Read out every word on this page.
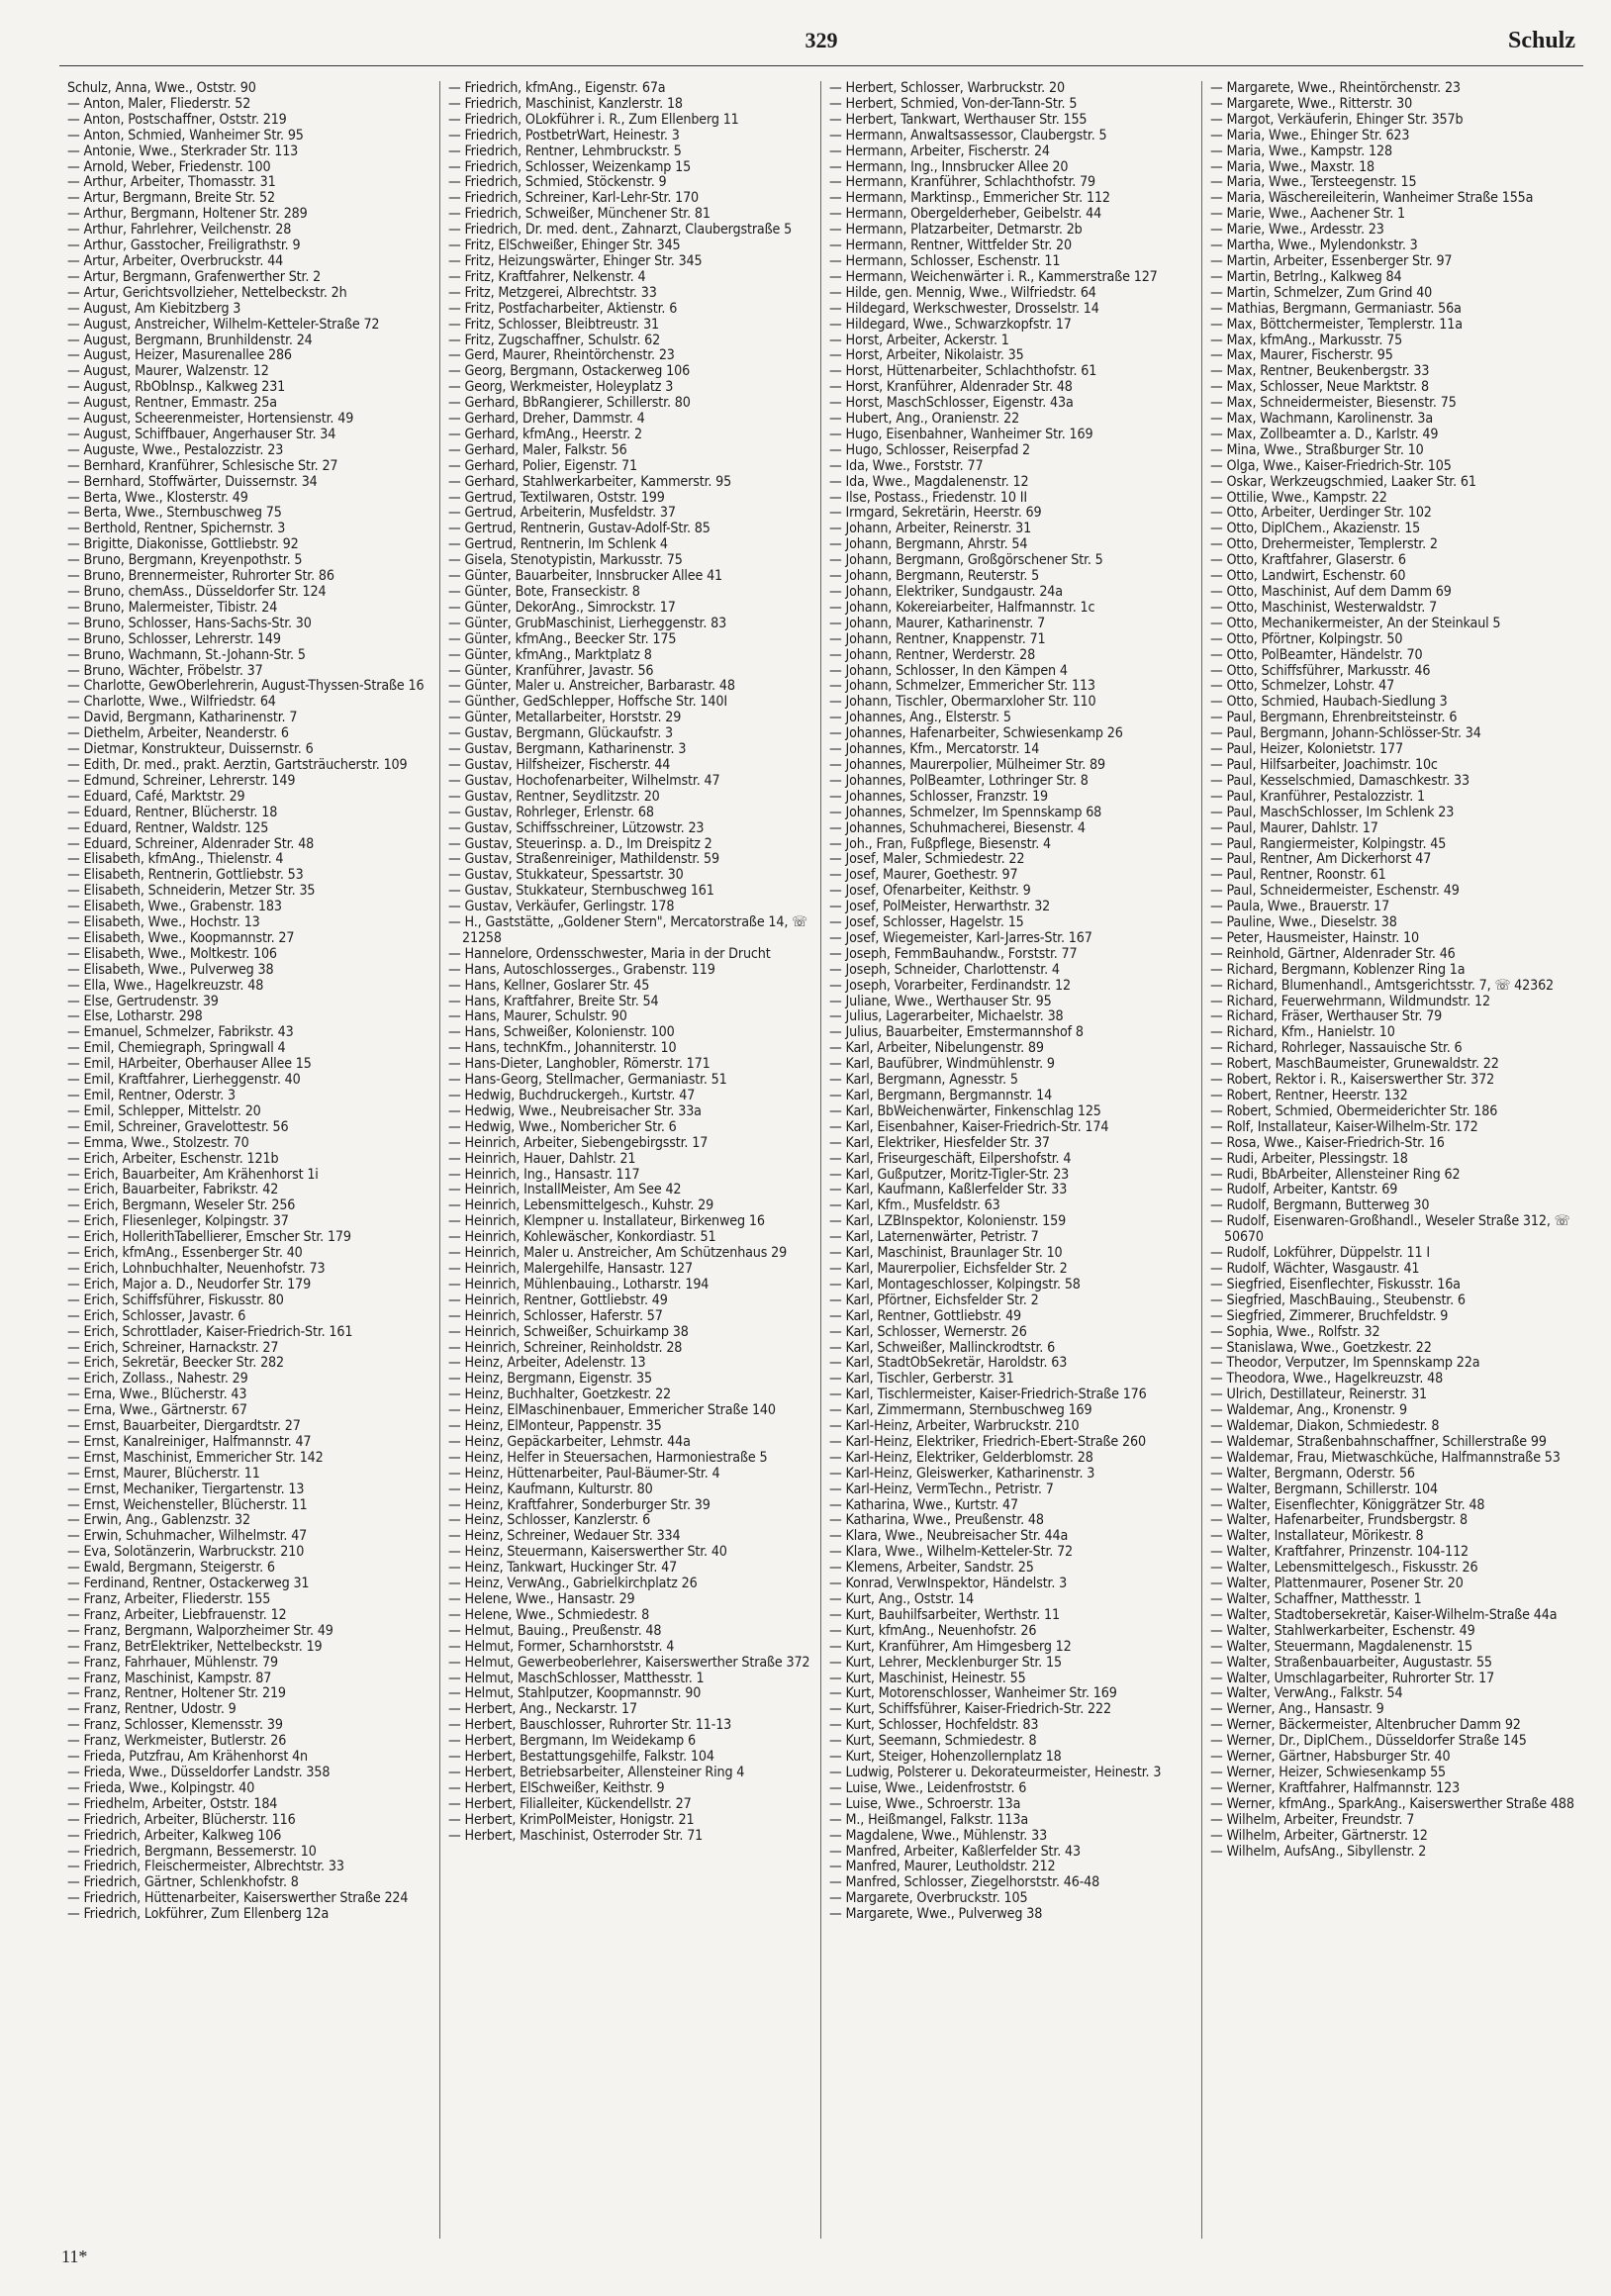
329	Schulz
Schulz, Anna, Wwe., Oststr. 90
— Anton, Maler, Fliederstr. 52
— Anton, Postschaffner, Oststr. 219
— Anton, Schmied, Wanheimer Str. 95
— Antonie, Wwe., Sterkrader Str. 113
— Arnold, Weber, Friedenstr. 100
— Arthur, Arbeiter, Thomasstr. 31
— Artur, Bergmann, Breite Str. 52
— Arthur, Bergmann, Holtener Str. 289
— Arthur, Fahrlehrer, Veilchenstr. 28
— Arthur, Gasstocher, Freiligrathstr. 9
— Artur, Arbeiter, Overbruckstr. 44
— Artur, Bergmann, Grafenwerther Str. 2
— Artur, Gerichtsvollzieher, Nettelbeckstr. 2h
— August, Am Kiebitzberg 3
— August, Anstreicher, Wilhelm-Ketteler-Straße 72
— August, Bergmann, Brunhildenstr. 24
— August, Heizer, Masurenallee 286
— August, Maurer, Walzenstr. 12
— August, RbOblnsp., Kalkweg 231
— August, Rentner, Emmastr. 25a
— August, Scheerenmeister, Hortensienstr. 49
— August, Schiffbauer, Angerhauser Str. 34
— Auguste, Wwe., Pestalozzistr. 23
— Bernhard, Kranführer, Schlesische Str. 27
— Bernhard, Stoffwärter, Duissernstr. 34
— Berta, Wwe., Klosterstr. 49
— Berta, Wwe., Sternbuschweg 75
— Berthold, Rentner, Spichernstr. 3
— Brigitte, Diakonisse, Gottliebstr. 92
— Bruno, Bergmann, Kreyenpothstr. 5
— Bruno, Brennermeister, Ruhrorter Str. 86
— Bruno, chemAss., Düsseldorfer Str. 124
— Bruno, Malermeister, Tibistr. 24
— Bruno, Schlosser, Hans-Sachs-Str. 30
— Bruno, Schlosser, Lehrerstr. 149
— Bruno, Wachmann, St.-Johann-Str. 5
— Bruno, Wächter, Fröbelstr. 37
— Charlotte, GewOberlehrerin, August-Thyssen-Straße 16
— Charlotte, Wwe., Wilfriedstr. 64
— David, Bergmann, Katharinenstr. 7
— Diethelm, Arbeiter, Neanderstr. 6
— Dietmar, Konstrukteur, Duissernstr. 6
— Edith, Dr. med., prakt. Aerztin, Gartsträucherstr. 109
— Edmund, Schreiner, Lehrerstr. 149
— Eduard, Café, Marktstr. 29
— Eduard, Rentner, Blücherstr. 18
— Eduard, Rentner, Waldstr. 125
— Eduard, Schreiner, Aldenrader Str. 48
— Elisabeth, kfmAng., Thielenstr. 4
— Elisabeth, Rentnerin, Gottliebstr. 53
— Elisabeth, Schneiderin, Metzer Str. 35
— Elisabeth, Wwe., Grabenstr. 183
— Elisabeth, Wwe., Hochstr. 13
— Elisabeth, Wwe., Koopmannstr. 27
— Elisabeth, Wwe., Moltkestr. 106
— Elisabeth, Wwe., Pulverweg 38
— Ella, Wwe., Hagelkreuzstr. 48
— Else, Gertrudenstr. 39
— Else, Lotharstr. 298
— Emanuel, Schmelzer, Fabrikstr. 43
— Emil, Chemiegraph, Springwall 4
— Emil, HArbeiter, Oberhauser Allee 15
— Emil, Kraftfahrer, Lierheggenstr. 40
— Emil, Rentner, Oderstr. 3
— Emil, Schlepper, Mittelstr. 20
— Emil, Schreiner, Gravelottestr. 56
— Emma, Wwe., Stolzestr. 70
— Erich, Arbeiter, Eschenstr. 121b
— Erich, Bauarbeiter, Am Krähenhorst 1i
— Erich, Bauarbeiter, Fabrikstr. 42
— Erich, Bergmann, Weseler Str. 256
— Erich, Fliesenleger, Kolpingstr. 37
— Erich, HollerithTabellierer, Emscher Str. 179
— Erich, kfmAng., Essenberger Str. 40
— Erich, Lohnbuchhalter, Neuenhofstr. 73
— Erich, Major a. D., Neudorfer Str. 179
— Erich, Schiffsführer, Fiskusstr. 80
— Erich, Schlosser, Javastr. 6
— Erich, Schrottlader, Kaiser-Friedrich-Str. 161
— Erich, Schreiner, Harnackstr. 27
— Erich, Sekretär, Beecker Str. 282
— Erich, Zollass., Nahestr. 29
— Erna, Wwe., Blücherstr. 43
— Erna, Wwe., Gärtnerstr. 67
— Ernst, Bauarbeiter, Diergardtstr. 27
— Ernst, Kanalreiniger, Halfmannstr. 47
— Ernst, Maschinist, Emmericher Str. 142
— Ernst, Maurer, Blücherstr. 11
— Ernst, Mechaniker, Tiergartenstr. 13
— Ernst, Weichensteller, Blücherstr. 11
— Erwin, Ang., Gablenzstr. 32
— Erwin, Schuhmacher, Wilhelmstr. 47
— Eva, Solotänzerin, Warbruckstr. 210
— Ewald, Bergmann, Steigerstr. 6
— Ferdinand, Rentner, Ostackerweg 31
— Franz, Arbeiter, Fliederstr. 155
— Franz, Arbeiter, Liebfrauenstr. 12
— Franz, Bergmann, Walporzheimer Str. 49
— Franz, BetrElektriker, Nettelbeckstr. 19
— Franz, Fahrhauer, Mühlenstr. 79
— Franz, Maschinist, Kampstr. 87
— Franz, Rentner, Holtener Str. 219
— Franz, Rentner, Udostr. 9
— Franz, Schlosser, Klemensstr. 39
— Franz, Werkmeister, Butlerstr. 26
— Frieda, Putzfrau, Am Krähenhorst 4n
— Frieda, Wwe., Düsseldorfer Landstr. 358
— Frieda, Wwe., Kolpingstr. 40
— Friedhelm, Arbeiter, Oststr. 184
— Friedrich, Arbeiter, Blücherstr. 116
— Friedrich, Arbeiter, Kalkweg 106
— Friedrich, Bergmann, Bessemerstr. 10
— Friedrich, Fleischermeister, Albrechtstr. 33
— Friedrich, Gärtner, Schlenkhofstr. 8
— Friedrich, Hüttenarbeiter, Kaiserswerther Straße 224
— Friedrich, Lokführer, Zum Ellenberg 12a
— Friedrich, kfmAng., Eigenstr. 67a
— Friedrich, Maschinist, Kanzlerstr. 18
— Friedrich, OLokführer i. R., Zum Ellenberg 11
— Friedrich, PostbetrWart, Heinestr. 3
— Friedrich, Rentner, Lehmbruckstr. 5
— Friedrich, Schlosser, Weizenkamp 15
— Friedrich, Schmied, Stöckenstr. 9
— Friedrich, Schreiner, Karl-Lehr-Str. 170
— Friedrich, Schweißer, Münchener Str. 81
— Friedrich, Dr. med. dent., Zahnarzt, Claubergstraße 5
— Fritz, ElSchweißer, Ehinger Str. 345
— Fritz, Heizungswärter, Ehinger Str. 345
— Fritz, Kraftfahrer, Nelkenstr. 4
— Fritz, Metzgerei, Albrechtstr. 33
— Fritz, Postfacharbeiter, Aktienstr. 6
— Fritz, Schlosser, Bleibtreustr. 31
— Fritz, Zugschaffner, Schulstr. 62
— Gerd, Maurer, Rheintörchenstr. 23
— Georg, Bergmann, Ostackerweg 106
— Georg, Werkmeister, Holeyplatz 3
— Gerhard, BbRangierer, Schillerstr. 80
— Gerhard, Dreher, Dammstr. 4
— Gerhard, kfmAng., Heerstr. 2
— Gerhard, Maler, Falkstr. 56
— Gerhard, Polier, Eigenstr. 71
— Gerhard, Stahlwerkarbeiter, Kammerstr. 95
— Gertrud, Textilwaren, Oststr. 199
— Gertrud, Arbeiterin, Musfeldstr. 37
— Gertrud, Rentnerin, Gustav-Adolf-Str. 85
— Gertrud, Rentnerin, Im Schlenk 4
— Gisela, Stenotypistin, Markusstr. 75
— Günter, Bauarbeiter, Innsbrucker Allee 41
— Günter, Bote, Franseckistr. 8
— Günter, DekorAng., Simrockstr. 17
— Günter, GrubMaschinist, Lierheggenstr. 83
— Günter, kfmAng., Beecker Str. 175
— Günter, kfmAng., Marktplatz 8
— Günter, Kranführer, Javastr. 56
— Günter, Maler u. Anstreicher, Barbarastr. 48
— Günther, GedSchlepper, Hoffsche Str. 140I
— Günter, Metallarbeiter, Horststr. 29
— Gustav, Bergmann, Glückaufstr. 3
— Gustav, Bergmann, Katharinenstr. 3
— Gustav, Hilfsheizer, Fischerstr. 44
— Gustav, Hochofenarbeiter, Wilhelmstr. 47
— Gustav, Rentner, Seydlitzstr. 20
— Gustav, Rohrleger, Erlenstr. 68
— Gustav, Schiffsschreiner, Lützowstr. 23
— Gustav, Steuerinsp. a. D., Im Dreispitz 2
— Gustav, Straßenreiniger, Mathildenstr. 59
— Gustav, Stukkateur, Spessartstr. 30
— Gustav, Stukkateur, Sternbuschweg 161
— Gustav, Verkäufer, Gerlingstr. 178
— H., Gaststätte, „Goldener Stern", Mercatorstraße 14, ☏ 21258
— Hannelore, Ordensschwester, Maria in der Drucht
— Hans, Autoschlosserges., Grabenstr. 119
— Hans, Kellner, Goslarer Str. 45
— Hans, Kraftfahrer, Breite Str. 54
— Hans, Maurer, Schulstr. 90
— Hans, Schweißer, Kolonienstr. 100
— Hans, technKfm., Johanniterstr. 10
— Hans-Dieter, Langhobler, Römerstr. 171
— Hans-Georg, Stellmacher, Germaniastr. 51
— Hedwig, Buchdruckergeh., Kurtstr. 47
— Hedwig, Wwe., Neubreisacher Str. 33a
— Hedwig, Wwe., Nombericher Str. 6
— Heinrich, Arbeiter, Siebengebirgsstr. 17
— Heinrich, Hauer, Dahlstr. 21
— Heinrich, Ing., Hansastr. 117
— Heinrich, InstallMeister, Am See 42
— Heinrich, Lebensmittelgesch., Kuhstr. 29
— Heinrich, Klempner u. Installateur, Birkenweg 16
— Heinrich, Kohlewäscher, Konkordiastr. 51
— Heinrich, Maler u. Anstreicher, Am Schützenhaus 29
— Heinrich, Malergehilfe, Hansastr. 127
— Heinrich, Mühlenbauing., Lotharstr. 194
— Heinrich, Rentner, Gottliebstr. 49
— Heinrich, Schlosser, Haferstr. 57
— Heinrich, Schweißer, Schuirkamp 38
— Heinrich, Schreiner, Reinholdstr. 28
— Heinz, Arbeiter, Adelenstr. 13
— Heinz, Bergmann, Eigenstr. 35
— Heinz, Buchhalter, Goetzkestr. 22
— Heinz, ElMaschinenbauer, Emmericher Straße 140
— Heinz, ElMonteur, Pappenstr. 35
— Heinz, Gepäckarbeiter, Lehmstr. 44a
— Heinz, Helfer in Steuersachen, Harmoniestraße 5
— Heinz, Hüttenarbeiter, Paul-Bäumer-Str. 4
— Heinz, Kaufmann, Kulturstr. 80
— Heinz, Kraftfahrer, Sonderburger Str. 39
— Heinz, Schlosser, Kanzlerstr. 6
— Heinz, Schreiner, Wedauer Str. 334
— Heinz, Steuermann, Kaiserswerther Str. 40
— Heinz, Tankwart, Huckinger Str. 47
— Heinz, VerwAng., Gabrielkirchplatz 26
— Helene, Wwe., Hansastr. 29
— Helene, Wwe., Schmiedestr. 8
— Helmut, Bauing., Preußenstr. 48
— Helmut, Former, Scharnhorststr. 4
— Helmut, Gewerbeoberlehrer, Kaiserswerther Straße 372
— Helmut, MaschSchlosser, Matthesstr. 1
— Helmut, Stahlputzer, Koopmannstr. 90
— Herbert, Ang., Neckarstr. 17
— Herbert, Bauschlosser, Ruhrorter Str. 11-13
— Herbert, Bergmann, Im Weidekamp 6
— Herbert, Bestattungsgehilfe, Falkstr. 104
— Herbert, Betriebsarbeiter, Allensteiner Ring 4
— Herbert, ElSchweißer, Keithstr. 9
— Herbert, Filialleiter, Kückendellstr. 27
— Herbert, KrimPolMeister, Honigstr. 21
— Herbert, Maschinist, Osterroder Str. 71
— Herbert, Schlosser, Warbruckstr. 20
— Herbert, Schmied, Von-der-Tann-Str. 5
— Herbert, Tankwart, Werthauser Str. 155
— Hermann, Anwaltsassessor, Claubergstr. 5
— Hermann, Arbeiter, Fischerstr. 24
— Hermann, Ing., Innsbrucker Allee 20
— Hermann, Kranführer, Schlachthofstr. 79
— Hermann, Marktinsp., Emmericher Str. 112
— Hermann, Obergelderheber, Geibelstr. 44
— Hermann, Platzarbeiter, Detmarstr. 2b
— Hermann, Rentner, Wittfelder Str. 20
— Hermann, Schlosser, Eschenstr. 11
— Hermann, Weichenwärter i. R., Kammerstraße 127
— Hilde, gen. Mennig, Wwe., Wilfriedstr. 64
— Hildegard, Werkschwester, Drosselstr. 14
— Hildegard, Wwe., Schwarzkopfstr. 17
— Horst, Arbeiter, Ackerstr. 1
— Horst, Arbeiter, Nikolaistr. 35
— Horst, Hüttenarbeiter, Schlachthofstr. 61
— Horst, Kranführer, Aldenrader Str. 48
— Horst, MaschSchlosser, Eigenstr. 43a
— Hubert, Ang., Oranienstr. 22
— Hugo, Eisenbahner, Wanheimer Str. 169
— Hugo, Schlosser, Reiserpfad 2
— Ida, Wwe., Forststr. 77
— Ida, Wwe., Magdalenenstr. 12
— Ilse, Postass., Friedenstr. 10 II
— Irmgard, Sekretärin, Heerstr. 69
— Johann, Arbeiter, Reinerstr. 31
— Johann, Bergmann, Ahrstr. 54
— Johann, Bergmann, Großgörschener Str. 5
— Johann, Bergmann, Reuterstr. 5
— Johann, Elektriker, Sundgaustr. 24a
— Johann, Kokereiarbeiter, Halfmannstr. 1c
— Johann, Maurer, Katharinenstr. 7
— Johann, Rentner, Knappenstr. 71
— Johann, Rentner, Werderstr. 28
— Johann, Schlosser, In den Kämpen 4
— Johann, Schmelzer, Emmericher Str. 113
— Johann, Tischler, Obermarxloher Str. 110
— Johannes, Ang., Elsterstr. 5
— Johannes, Hafenarbeiter, Schwiesenkamp 26
— Johannes, Kfm., Mercatorstr. 14
— Johannes, Maurerpolier, Mülheimer Str. 89
— Johannes, PolBeamter, Lothringer Str. 8
— Johannes, Schlosser, Franzstr. 19
— Johannes, Schmelzer, Im Spennskamp 68
— Johannes, Schuhmacherei, Biesenstr. 4
— Joh., Fran, Fußpflege, Biesenstr. 4
— Josef, Maler, Schmiedestr. 22
— Josef, Maurer, Goethestr. 97
— Josef, Ofenarbeiter, Keithstr. 9
— Josef, PolMeister, Herwarthstr. 32
— Josef, Schlosser, Hagelstr. 15
— Josef, Wiegemeister, Karl-Jarres-Str. 167
— Joseph, FemmBauhandw., Forststr. 77
— Joseph, Schneider, Charlottenstr. 4
— Joseph, Vorarbeiter, Ferdinandstr. 12
— Juliane, Wwe., Werthauser Str. 95
— Julius, Lagerarbeiter, Michaelstr. 38
— Julius, Bauarbeiter, Emstermannshof 8
— Karl, Arbeiter, Nibelungenstr. 89
— Karl, Baufübrer, Windmühlenstr. 9
— Karl, Bergmann, Agnesstr. 5
— Karl, Bergmann, Bergmannstr. 14
— Karl, BbWeichenwärter, Finkenschlag 125
— Karl, Eisenbahner, Kaiser-Friedrich-Str. 174
— Karl, Elektriker, Hiesfelder Str. 37
— Karl, Friseurgeschäft, Eilpershofstr. 4
— Karl, Gußputzer, Moritz-Tigler-Str. 23
— Karl, Kaufmann, Kaßlerfelder Str. 33
— Karl, Kfm., Musfeldstr. 63
— Karl, LZBInspektor, Kolonienstr. 159
— Karl, Laternenwärter, Petristr. 7
— Karl, Maschinist, Braunlager Str. 10
— Karl, Maurerpolier, Eichsfelder Str. 2
— Karl, Montageschlosser, Kolpingstr. 58
— Karl, Pförtner, Eichsfelder Str. 2
— Karl, Rentner, Gottliebstr. 49
— Karl, Schlosser, Wernerstr. 26
— Karl, Schweißer, Mallinckrodtstr. 6
— Karl, StadtObSekretär, Haroldstr. 63
— Karl, Tischler, Gerberstr. 31
— Karl, Tischlermeister, Kaiser-Friedrich-Straße 176
— Karl, Zimmermann, Sternbuschweg 169
— Karl-Heinz, Arbeiter, Warbruckstr. 210
— Karl-Heinz, Elektriker, Friedrich-Ebert-Straße 260
— Karl-Heinz, Elektriker, Gelderblomstr. 28
— Karl-Heinz, Gleiswerker, Katharinenstr. 3
— Karl-Heinz, VermTechn., Petristr. 7
— Katharina, Wwe., Kurtstr. 47
— Katharina, Wwe., Preußenstr. 48
— Klara, Wwe., Neubreisacher Str. 44a
— Klara, Wwe., Wilhelm-Ketteler-Str. 72
— Klemens, Arbeiter, Sandstr. 25
— Konrad, VerwInspektor, Händelstr. 3
— Kurt, Ang., Oststr. 14
— Kurt, Bauhilfsarbeiter, Werthstr. 11
— Kurt, kfmAng., Neuenhofstr. 26
— Kurt, Kranführer, Am Himgesberg 12
— Kurt, Lehrer, Mecklenburger Str. 15
— Kurt, Maschinist, Heinestr. 55
— Kurt, Motorenschlosser, Wanheimer Str. 169
— Kurt, Schiffsführer, Kaiser-Friedrich-Str. 222
— Kurt, Schlosser, Hochfeldstr. 83
— Kurt, Seemann, Schmiedestr. 8
— Kurt, Steiger, Hohenzollernplatz 18
— Ludwig, Polsterer u. Dekorateurmeister, Heinestr. 3
— Luise, Wwe., Leidenfroststr. 6
— Luise, Wwe., Schroerstr. 13a
— M., Heißmangel, Falkstr. 113a
— Magdalene, Wwe., Mühlenstr. 33
— Manfred, Arbeiter, Kaßlerfelder Str. 43
— Manfred, Maurer, Leutholdstr. 212
— Manfred, Schlosser, Ziegelhorststr. 46-48
— Margarete, Overbruckstr. 105
— Margarete, Wwe., Pulverweg 38
— Margarete, Wwe., Rheintörchenstr. 23
— Margarete, Wwe., Ritterstr. 30
— Margot, Verkäuferin, Ehinger Str. 357b
— Maria, Wwe., Ehinger Str. 623
— Maria, Wwe., Kampstr. 128
— Maria, Wwe., Maxstr. 18
— Maria, Wwe., Tersteegenstr. 15
— Maria, Wäschereileiterin, Wanheimer Straße 155a
— Marie, Wwe., Aachener Str. 1
— Marie, Wwe., Ardesstr. 23
— Martha, Wwe., Mylendonkstr. 3
— Martin, Arbeiter, Essenberger Str. 97
— Martin, Betrlng., Kalkweg 84
— Martin, Schmelzer, Zum Grind 40
— Mathias, Bergmann, Germaniastr. 56a
— Max, Böttchermeister, Templerstr. 11a
— Max, kfmAng., Markusstr. 75
— Max, Maurer, Fischerstr. 95
— Max, Rentner, Beukenbergstr. 33
— Max, Schlosser, Neue Marktstr. 8
— Max, Schneidermeister, Biesenstr. 75
— Max, Wachmann, Karolinenstr. 3a
— Max, Zollbeamter a. D., Karlstr. 49
— Mina, Wwe., Straßburger Str. 10
— Olga, Wwe., Kaiser-Friedrich-Str. 105
— Oskar, Werkzeugschmied, Laaker Str. 61
— Ottilie, Wwe., Kampstr. 22
— Otto, Arbeiter, Uerdinger Str. 102
— Otto, DiplChem., Akazienstr. 15
— Otto, Drehermeister, Templerstr. 2
— Otto, Kraftfahrer, Glaserstr. 6
— Otto, Landwirt, Eschenstr. 60
— Otto, Maschinist, Auf dem Damm 69
— Otto, Maschinist, Westerwaldstr. 7
— Otto, Mechanikermeister, An der Steinkaul 5
— Otto, Pförtner, Kolpingstr. 50
— Otto, PolBeamter, Händelstr. 70
— Otto, Schiffsführer, Markusstr. 46
— Otto, Schmelzer, Lohstr. 47
— Otto, Schmied, Haubach-Siedlung 3
— Paul, Bergmann, Ehrenbreitsteinstr. 6
— Paul, Bergmann, Johann-Schlösser-Str. 34
— Paul, Heizer, Kolonietstr. 177
— Paul, Hilfsarbeiter, Joachimstr. 10c
— Paul, Kesselschmied, Damaschkestr. 33
— Paul, Kranführer, Pestalozzistr. 1
— Paul, MaschSchlosser, Im Schlenk 23
— Paul, Maurer, Dahlstr. 17
— Paul, Rangiermeister, Kolpingstr. 45
— Paul, Rentner, Am Dickerhorst 47
— Paul, Rentner, Roonstr. 61
— Paul, Schneidermeister, Eschenstr. 49
— Paula, Wwe., Brauerstr. 17
— Pauline, Wwe., Dieselstr. 38
— Peter, Hausmeister, Hainstr. 10
— Reinhold, Gärtner, Aldenrader Str. 46
— Richard, Bergmann, Koblenzer Ring 1a
— Richard, Blumenhandl., Amtsgerichtsstr. 7, ☏ 42362
— Richard, Feuerwehrmann, Wildmundstr. 12
— Richard, Fräser, Werthauser Str. 79
— Richard, Kfm., Hanielstr. 10
— Richard, Rohrleger, Nassauische Str. 6
— Robert, MaschBaumeister, Grunewaldstr. 22
— Robert, Rektor i. R., Kaiserswerther Str. 372
— Robert, Rentner, Heerstr. 132
— Robert, Schmied, Obermeiderichter Str. 186
— Rolf, Installateur, Kaiser-Wilhelm-Str. 172
— Rosa, Wwe., Kaiser-Friedrich-Str. 16
— Rudi, Arbeiter, Plessingstr. 18
— Rudi, BbArbeiter, Allensteiner Ring 62
— Rudolf, Arbeiter, Kantstr. 69
— Rudolf, Bergmann, Butterweg 30
— Rudolf, Eisenwaren-Großhandl., Weseler Straße 312, ☏ 50670
— Rudolf, Lokführer, Düppelstr. 11 I
— Rudolf, Wächter, Wasgaustr. 41
— Siegfried, Eisenflechter, Fiskusstr. 16a
— Siegfried, MaschBauing., Steubenstr. 6
— Siegfried, Zimmerer, Bruchfeldstr. 9
— Sophia, Wwe., Rolfstr. 32
— Stanislawa, Wwe., Goetzkestr. 22
— Theodor, Verputzer, Im Spennskamp 22a
— Theodora, Wwe., Hagelkreuzstr. 48
— Ulrich, Destillateur, Reinerstr. 31
— Waldemar, Ang., Kronenstr. 9
— Waldemar, Diakon, Schmiedestr. 8
— Waldemar, Straßenbahnschaffner, Schillerstraße 99
— Waldemar, Frau, Mietwaschküche, Halfmannstraße 53
— Walter, Bergmann, Oderstr. 56
— Walter, Bergmann, Schillerstr. 104
— Walter, Eisenflechter, Königgrätzer Str. 48
— Walter, Hafenarbeiter, Frundsbergstr. 8
— Walter, Installateur, Mörikestr. 8
— Walter, Kraftfahrer, Prinzenstr. 104-112
— Walter, Lebensmittelgesch., Fiskusstr. 26
— Walter, Plattenmaurer, Posener Str. 20
— Walter, Schaffner, Matthesstr. 1
— Walter, Stadtobersekretär, Kaiser-Wilhelm-Straße 44a
— Walter, Stahlwerkarbeiter, Eschenstr. 49
— Walter, Steuermann, Magdalenenstr. 15
— Walter, Straßenbauarbeiter, Augustastr. 55
— Walter, Umschlagarbeiter, Ruhrorter Str. 17
— Walter, VerwAng., Falkstr. 54
— Werner, Ang., Hansastr. 9
— Werner, Bäckermeister, Altenbrucher Damm 92
— Werner, Dr., DiplChem., Düsseldorfer Straße 145
— Werner, Gärtner, Habsburger Str. 40
— Werner, Heizer, Schwiesenkamp 55
— Werner, Kraftfahrer, Halfmannstr. 123
— Werner, kfmAng., SparkAng., Kaiserswerther Straße 488
— Wilhelm, Arbeiter, Freundstr. 7
— Wilhelm, Arbeiter, Gärtnerstr. 12
— Wilhelm, AufsAng., Sibyllenstr. 2
11*
